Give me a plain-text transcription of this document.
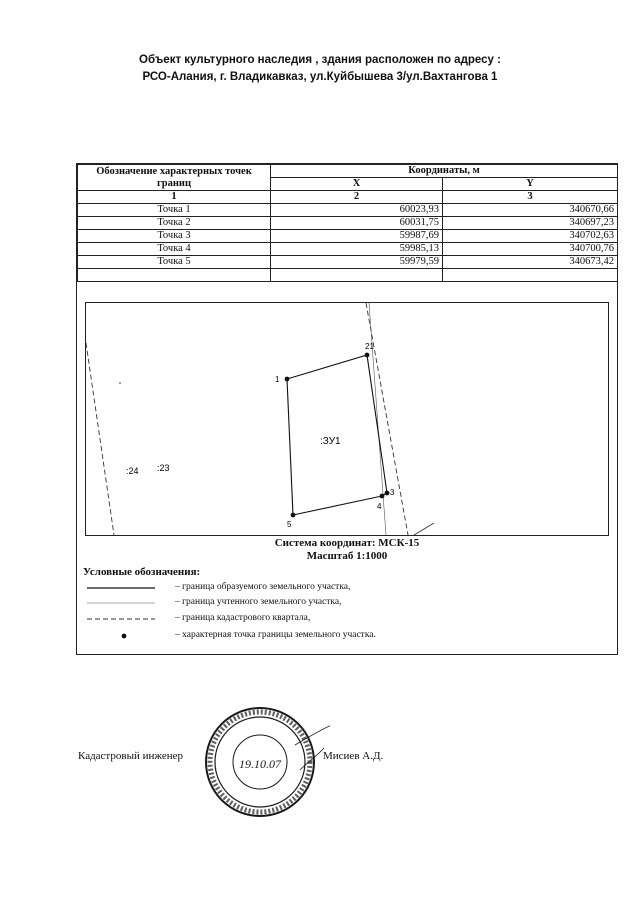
Объект культурного наследия , здания расположен по адресу :
РСО-Алания, г. Владикавказ, ул.Куйбышева 3/ул.Вахтангова 1
Обозначение характерных точек границ	Координаты, м	
	X	Y
1	2	3
Точка 1	60023,93	340670,66
Точка 2	60031,75	340697,23
Точка 3	59987,69	340702,63
Точка 4	59985,13	340700,76
Точка 5	59979,59	340673,42

1
21
3
4
5
:ЗУ1
:24 :23
Система координат: МСК-15
Масштаб 1:1000
Условные обозначения:
– граница образуемого земельного участка,
– граница учтенного земельного участка,
– граница кадастрового квартала,
– характерная точка границы земельного участка.
Кадастровый инженер	Мисиев А.Д.
19.10.07
